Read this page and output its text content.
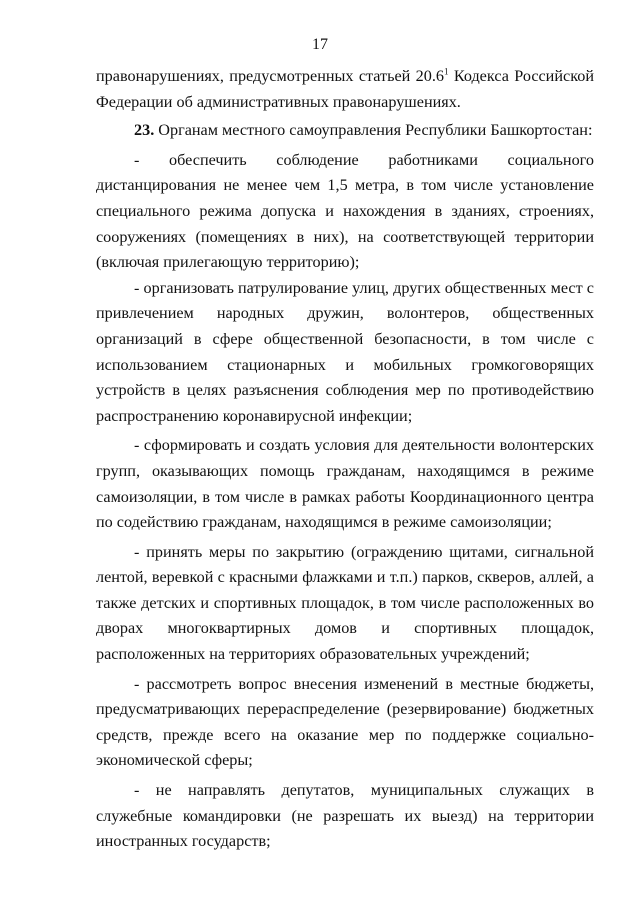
17

правонарушениях, предусмотренных статьей 20.6$^1$ Кодекса Российской Федерации об административных правонарушениях.

23. Органам местного самоуправления Республики Башкортостан:

- обеспечить соблюдение работниками социального дистанцирования не менее чем 1,5 метра, в том числе установление специального режима допуска и нахождения в зданиях, строениях, сооружениях (помещениях в них), на соответствующей территории (включая прилегающую территорию);

- организовать патрулирование улиц, других общественных мест с привлечением народных дружин, волонтеров, общественных организаций в сфере общественной безопасности, в том числе с использованием стационарных и мобильных громкоговорящих устройств в целях разъяснения соблюдения мер по противодействию распространению коронавирусной инфекции;

- сформировать и создать условия для деятельности волонтерских групп, оказывающих помощь гражданам, находящимся в режиме самоизоляции, в том числе в рамках работы Координационного центра по содействию гражданам, находящимся в режиме самоизоляции;

- принять меры по закрытию (ограждению щитами, сигнальной лентой, веревкой с красными флажками и т.п.) парков, скверов, аллей, а также детских и спортивных площадок, в том числе расположенных во дворах многоквартирных домов и спортивных площадок, расположенных на территориях образовательных учреждений;

- рассмотреть вопрос внесения изменений в местные бюджеты, предусматривающих перераспределение (резервирование) бюджетных средств, прежде всего на оказание мер по поддержке социально-экономической сферы;

- не направлять депутатов, муниципальных служащих в служебные командировки (не разрешать их выезд) на территории иностранных государств;
